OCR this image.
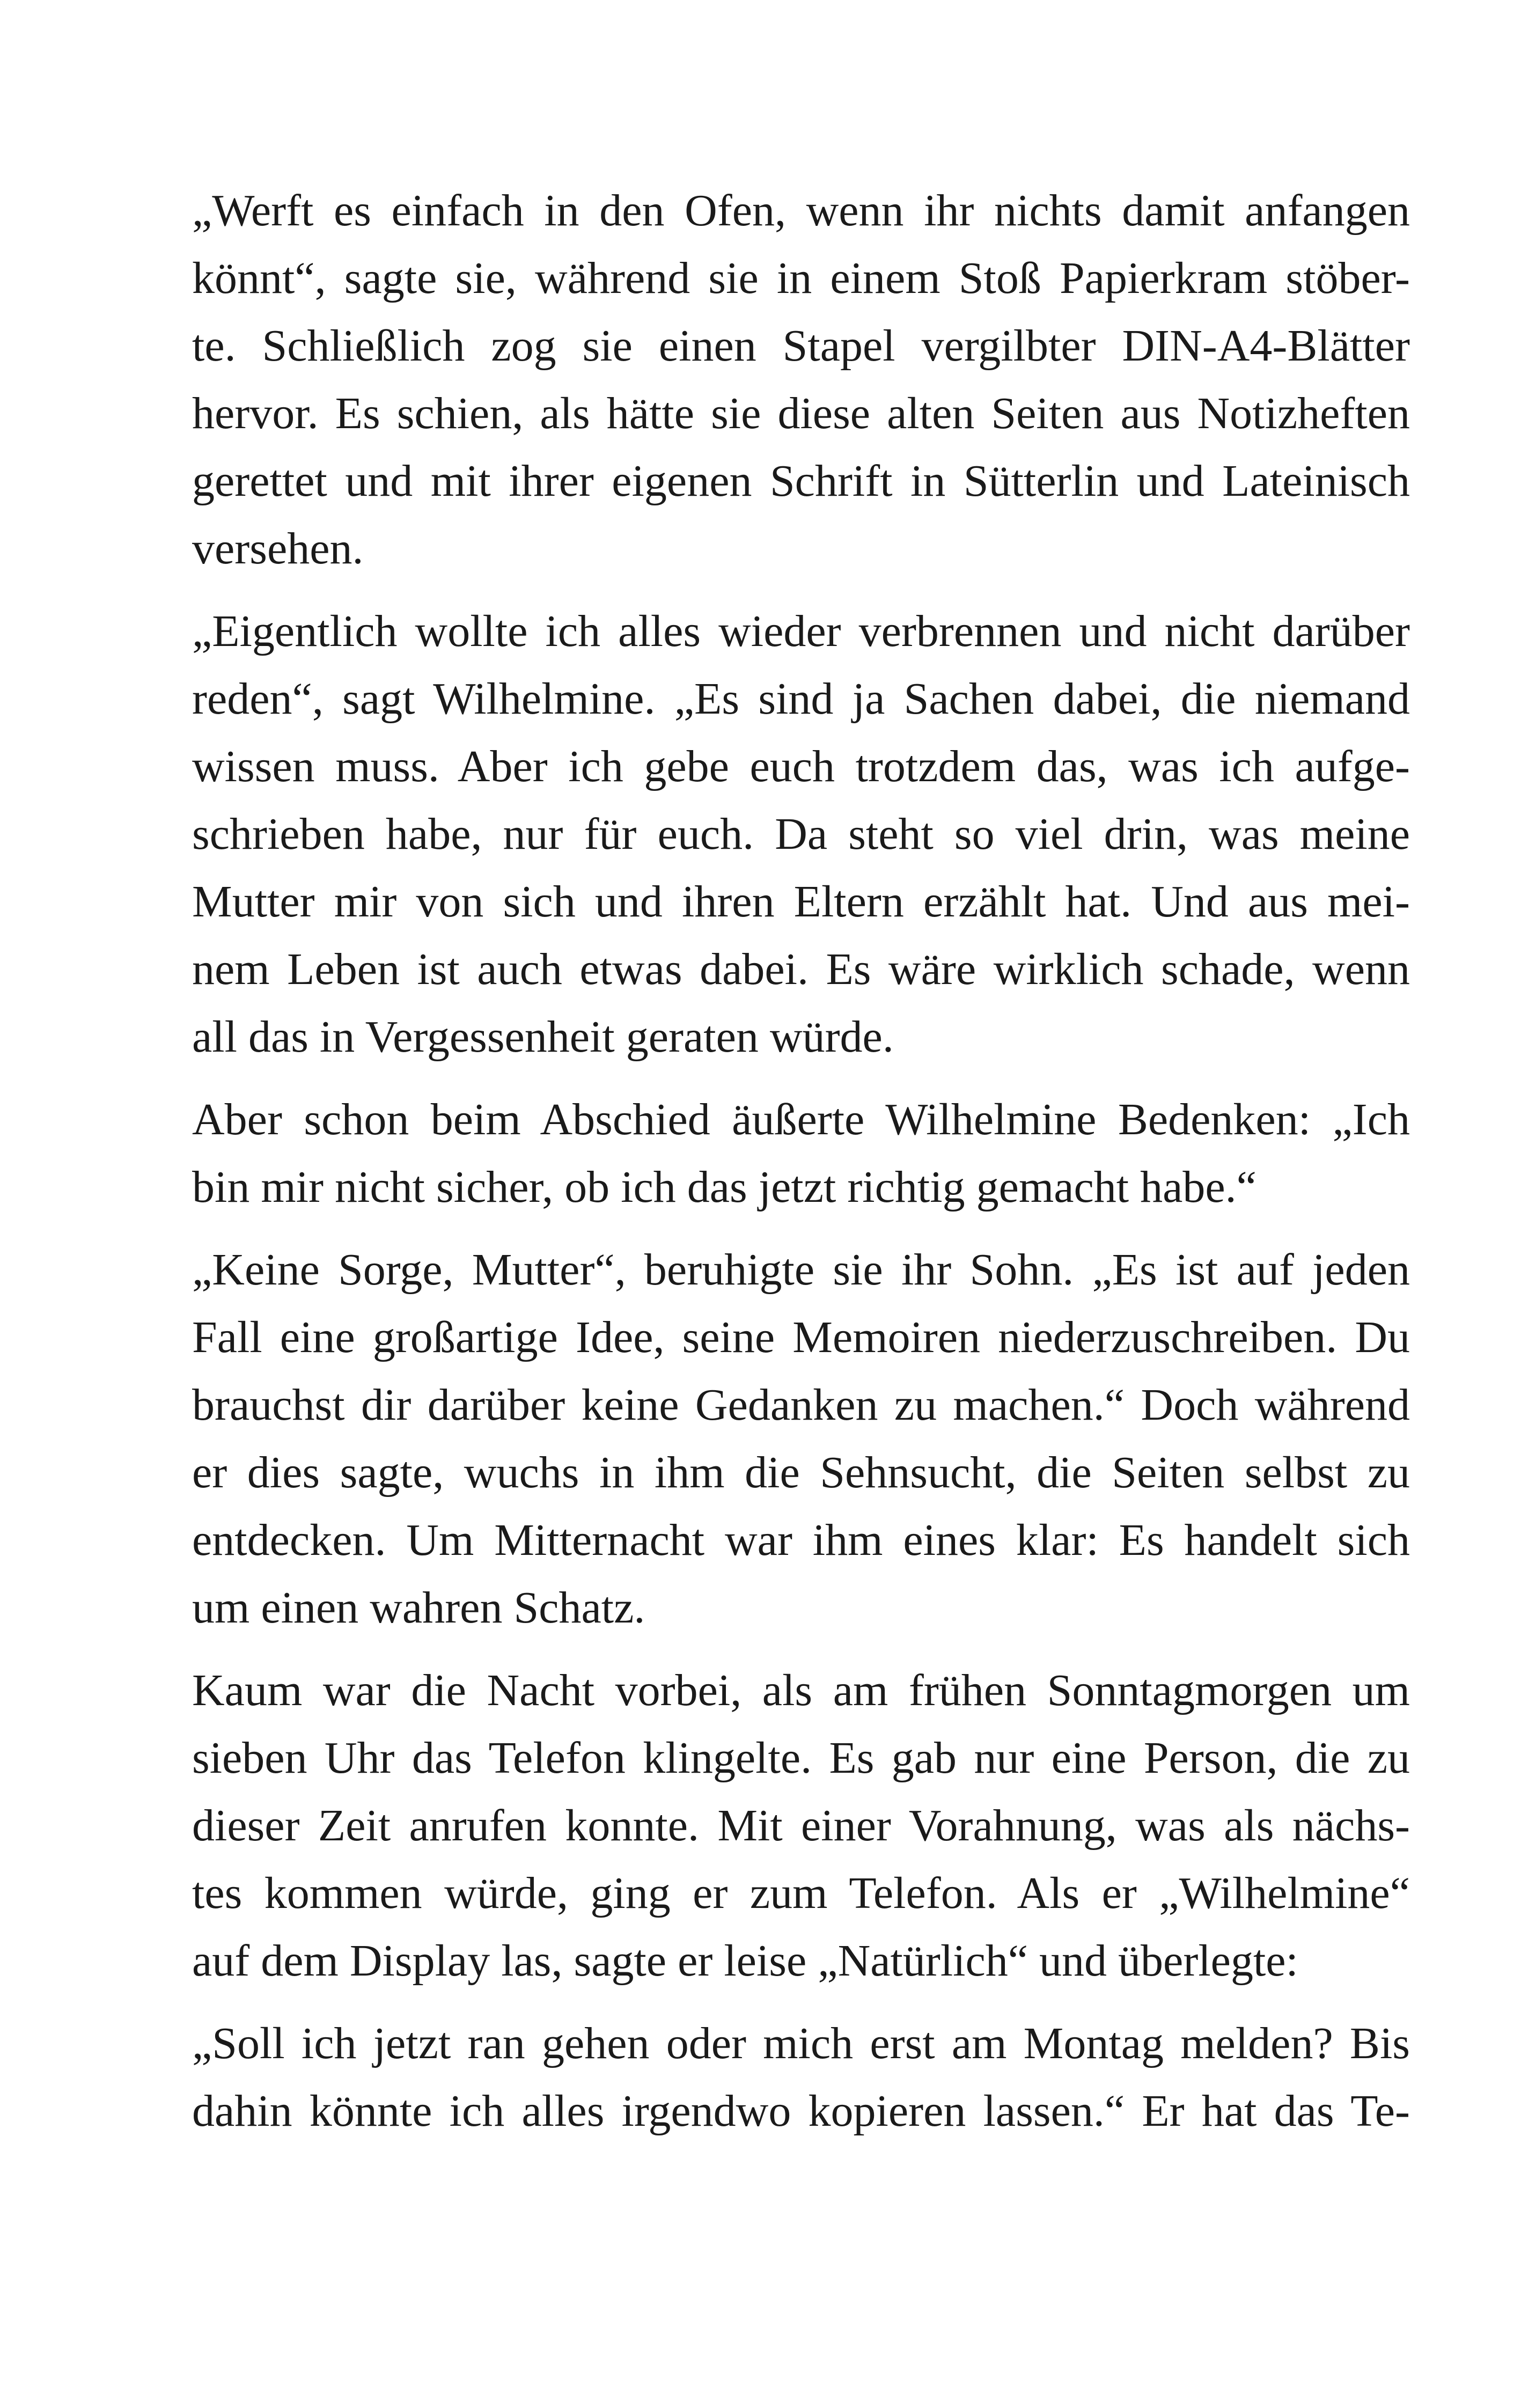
„Werft es einfach in den Ofen, wenn ihr nichts damit anfangen
könnt“, sagte sie, während sie in einem Stoß Papierkram stöber-
te. Schließlich zog sie einen Stapel vergilbter DIN-A4-Blätter
hervor. Es schien, als hätte sie diese alten Seiten aus Notizheften
gerettet und mit ihrer eigenen Schrift in Sütterlin und Lateinisch
versehen.

„Eigentlich wollte ich alles wieder verbrennen und nicht darüber
reden“, sagt Wilhelmine. „Es sind ja Sachen dabei, die niemand
wissen muss. Aber ich gebe euch trotzdem das, was ich aufge-
schrieben habe, nur für euch. Da steht so viel drin, was meine
Mutter mir von sich und ihren Eltern erzählt hat. Und aus mei-
nem Leben ist auch etwas dabei. Es wäre wirklich schade, wenn
all das in Vergessenheit geraten würde.

Aber schon beim Abschied äußerte Wilhelmine Bedenken: „Ich
bin mir nicht sicher, ob ich das jetzt richtig gemacht habe.“

„Keine Sorge, Mutter“, beruhigte sie ihr Sohn. „Es ist auf jeden
Fall eine großartige Idee, seine Memoiren niederzuschreiben. Du
brauchst dir darüber keine Gedanken zu machen.“ Doch während
er dies sagte, wuchs in ihm die Sehnsucht, die Seiten selbst zu
entdecken. Um Mitternacht war ihm eines klar: Es handelt sich
um einen wahren Schatz.

Kaum war die Nacht vorbei, als am frühen Sonntagmorgen um
sieben Uhr das Telefon klingelte. Es gab nur eine Person, die zu
dieser Zeit anrufen konnte. Mit einer Vorahnung, was als nächs-
tes kommen würde, ging er zum Telefon. Als er „Wilhelmine“
auf dem Display las, sagte er leise „Natürlich“ und überlegte:

„Soll ich jetzt ran gehen oder mich erst am Montag melden? Bis
dahin könnte ich alles irgendwo kopieren lassen.“ Er hat das Te-
